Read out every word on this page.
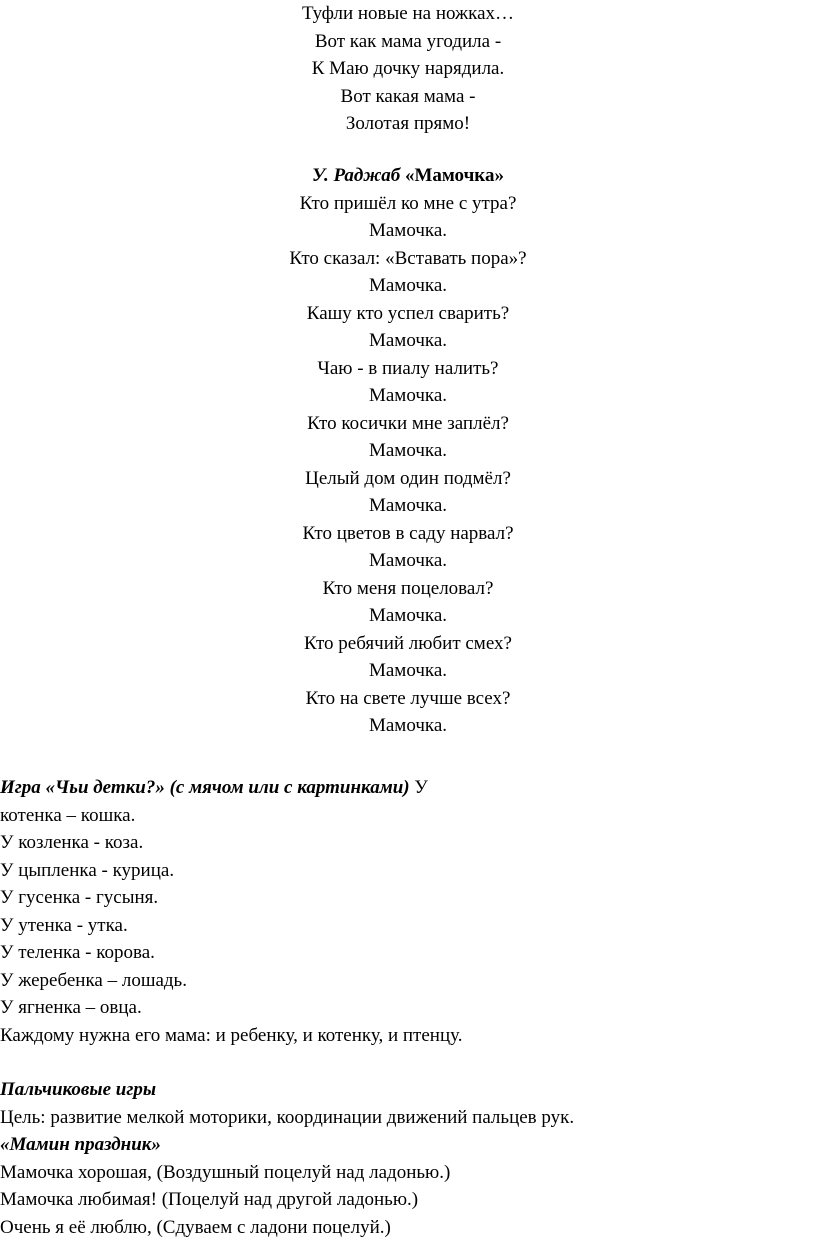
Туфли новые на ножках…
Вот как мама угодила -
К Маю дочку нарядила.
Вот какая мама -
Золотая прямо!
У. Раджаб «Мамочка»
Кто пришёл ко мне с утра?
Мамочка.
Кто сказал: «Вставать пора»?
Мамочка.
Кашу кто успел сварить?
Мамочка.
Чаю - в пиалу налить?
Мамочка.
Кто косички мне заплёл?
Мамочка.
Целый дом один подмёл?
Мамочка.
Кто цветов в саду нарвал?
Мамочка.
Кто меня поцеловал?
Мамочка.
Кто ребячий любит смех?
Мамочка.
Кто на свете лучше всех?
Мамочка.
Игра «Чьи детки?» (с мячом или с картинками) У
котенка – кошка.
У козленка - коза.
У цыпленка - курица.
У гусенка - гусыня.
У утенка - утка.
У теленка - корова.
У жеребенка – лошадь.
У ягненка – овца.
Каждому нужна его мама: и ребенку, и котенку, и птенцу.
Пальчиковые игры
Цель: развитие мелкой моторики, координации движений пальцев рук.
«Мамин праздник»
Мамочка хорошая, (Воздушный поцелуй над ладонью.)
Мамочка любимая! (Поцелуй над другой ладонью.)
Очень я её люблю, (Сдуваем с ладони поцелуй.)
